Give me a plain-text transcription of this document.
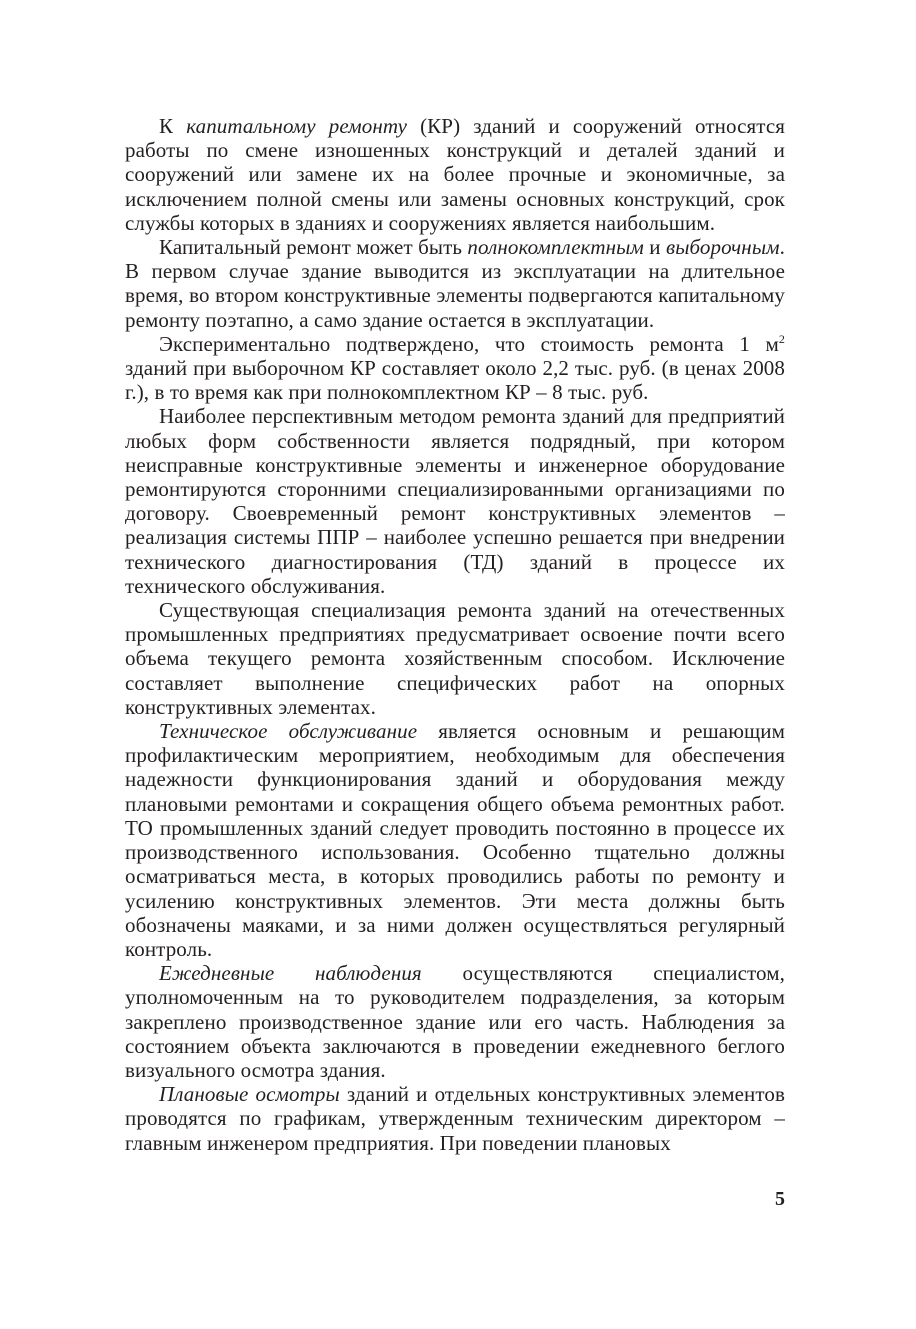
К капитальному ремонту (КР) зданий и сооружений относятся работы по смене изношенных конструкций и деталей зданий и сооружений или замене их на более прочные и экономичные, за исключением полной смены или замены основных конструкций, срок службы которых в зданиях и сооружениях является наибольшим.

Капитальный ремонт может быть полнокомплектным и выборочным. В первом случае здание выводится из эксплуатации на длительное время, во втором конструктивные элементы подвергаются капитальному ремонту поэтапно, а само здание остается в эксплуатации.

Экспериментально подтверждено, что стоимость ремонта 1 $м^2$ зданий при выборочном КР составляет около 2,2 тыс. руб. (в ценах 2008 г.), в то время как при полнокомплектном КР – 8 тыс. руб.

Наиболее перспективным методом ремонта зданий для предприятий любых форм собственности является подрядный, при котором неисправные конструктивные элементы и инженерное оборудование ремонтируются сторонними специализированными организациями по договору. Своевременный ремонт конструктивных элементов – реализация системы ППР – наиболее успешно решается при внедрении технического диагностирования (ТД) зданий в процессе их технического обслуживания.

Существующая специализация ремонта зданий на отечественных промышленных предприятиях предусматривает освоение почти всего объема текущего ремонта хозяйственным способом. Исключение составляет выполнение специфических работ на опорных конструктивных элементах.

Техническое обслуживание является основным и решающим профилактическим мероприятием, необходимым для обеспечения надежности функционирования зданий и оборудования между плановыми ремонтами и сокращения общего объема ремонтных работ. ТО промышленных зданий следует проводить постоянно в процессе их производственного использования. Особенно тщательно должны осматриваться места, в которых проводились работы по ремонту и усилению конструктивных элементов. Эти места должны быть обозначены маяками, и за ними должен осуществляться регулярный контроль.

Ежедневные наблюдения осуществляются специалистом, уполномоченным на то руководителем подразделения, за которым закреплено производственное здание или его часть. Наблюдения за состоянием объекта заключаются в проведении ежедневного беглого визуального осмотра здания.

Плановые осмотры зданий и отдельных конструктивных элементов проводятся по графикам, утвержденным техническим директором – главным инженером предприятия. При поведении плановых

5
